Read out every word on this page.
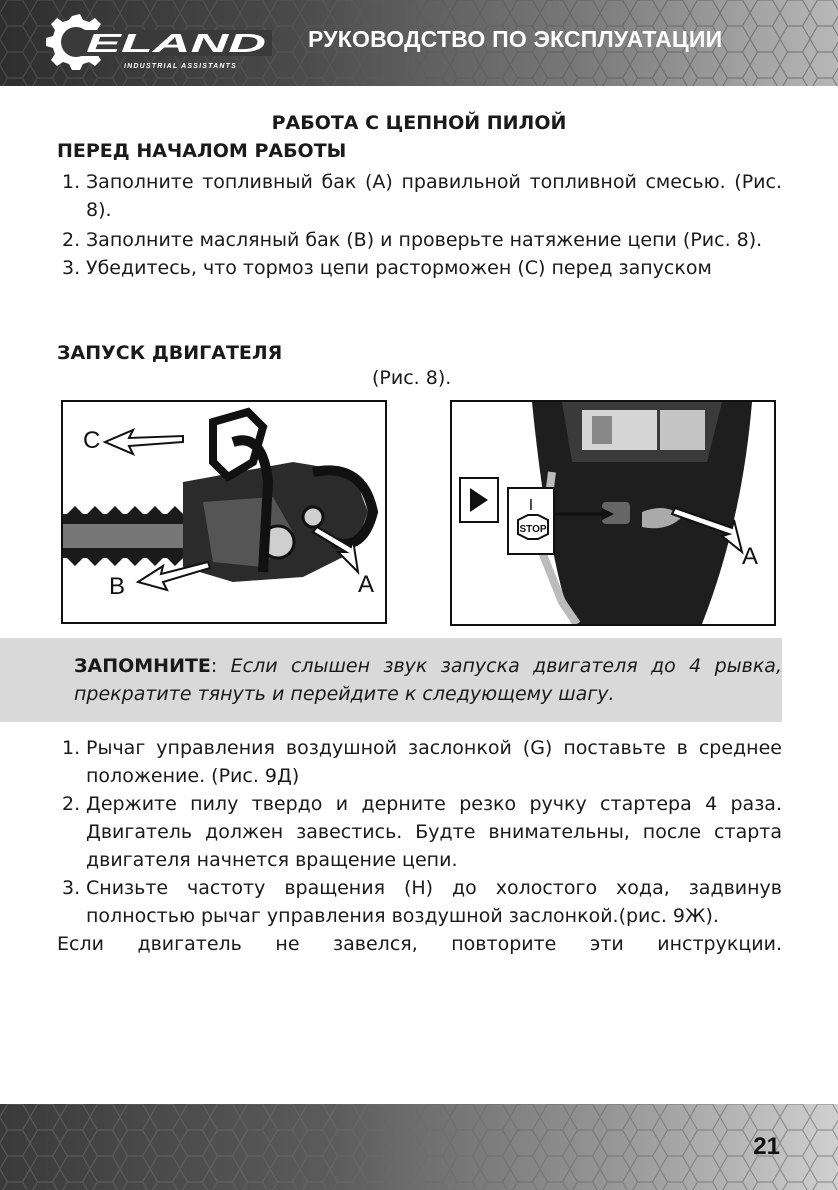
ELAND
INDUSTRIAL ASSISTANTS
РУКОВОДСТВО ПО ЭКСПЛУАТАЦИИ
РАБОТА С ЦЕПНОЙ ПИЛОЙ
ПЕРЕД НАЧАЛОМ РАБОТЫ
1. Заполните топливный бак (А) правильной топливной смесью. (Рис. 8).
2. Заполните масляный бак (В) и проверьте натяжение цепи (Рис. 8).
3. Убедитесь, что тормоз цепи расторможен (С) перед запуском
ЗАПУСК ДВИГАТЕЛЯ
(Рис. 8).
C
B	A
I
STOP
A
ЗАПОМНИТЕ: Если слышен звук запуска двигателя до 4 рывка, прекратите тянуть и перейдите к следующему шагу.
1. Рычаг управления воздушной заслонкой (G) поставьте в среднее положение. (Рис. 9Д)
2. Держите пилу твердо и дерните резко ручку стартера 4 раза. Двигатель должен завестись. Будте внимательны, после старта двигателя начнется вращение цепи.
3. Снизьте частоту вращения (Н) до холостого хода, задвинув полностью рычаг управления воздушной заслонкой.(рис. 9Ж).
Если двигатель не завелся, повторите эти инструкции.
21
